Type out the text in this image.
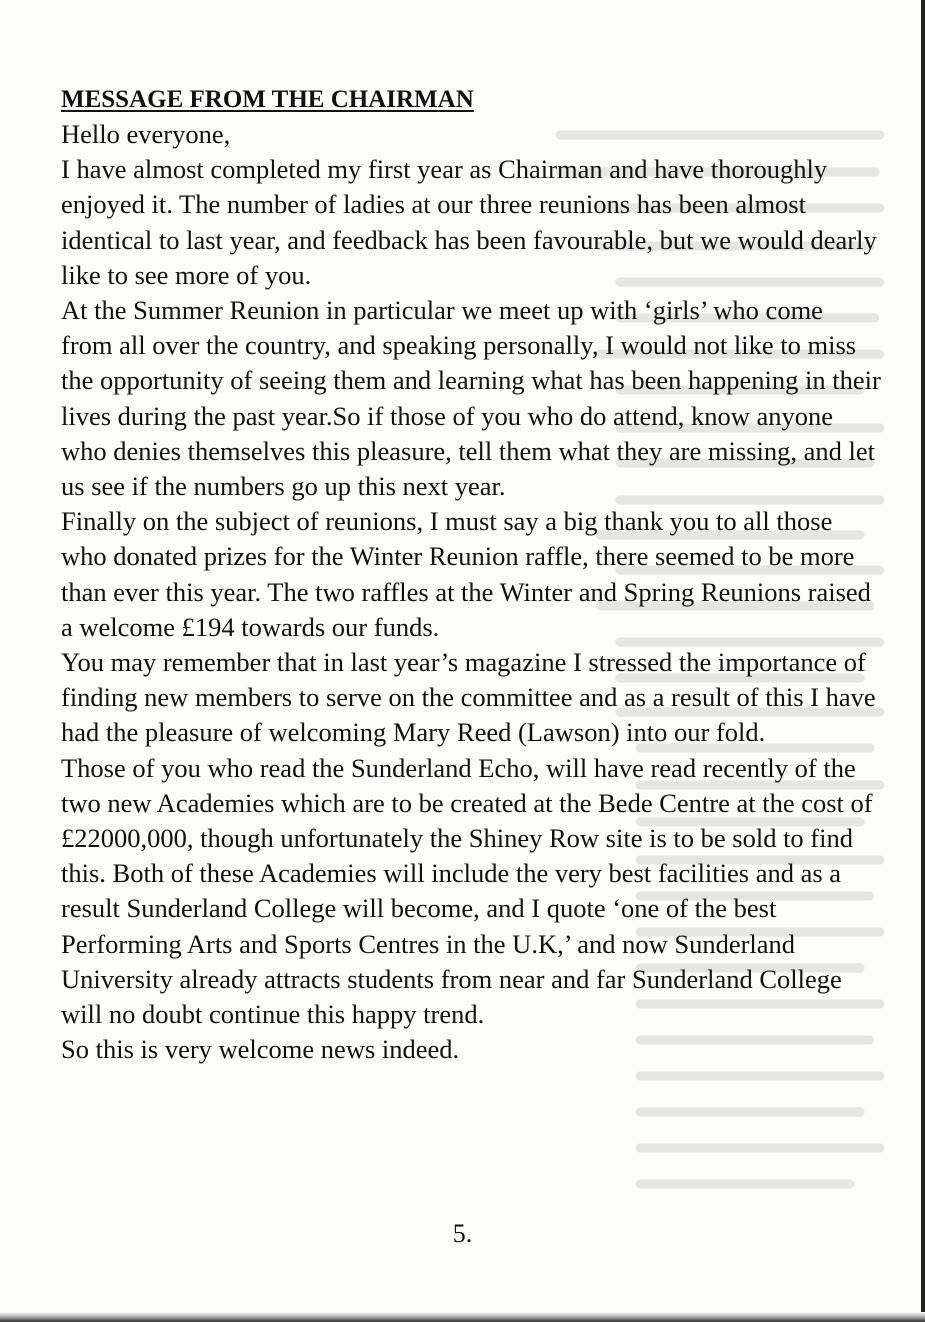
MESSAGE FROM THE CHAIRMAN

Hello everyone,

I have almost completed my first year as Chairman and have thoroughly enjoyed it. The number of ladies at our three reunions has been almost identical to last year, and feedback has been favourable, but we would dearly like to see more of you.

At the Summer Reunion in particular we meet up with ‘girls’ who come from all over the country, and speaking personally, I would not like to miss the opportunity of seeing them and learning what has been happening in their lives during the past year.So if those of you who do attend, know anyone who denies themselves this pleasure, tell them what they are missing, and let us see if the numbers go up this next year.

Finally on the subject of reunions, I must say a big thank you to all those who donated prizes for the Winter Reunion raffle, there seemed to be more than ever this year. The two raffles at the Winter and Spring Reunions raised a welcome £194 towards our funds.

You may remember that in last year’s magazine I stressed the importance of finding new members to serve on the committee and as a result of this I have had the pleasure of welcoming Mary Reed (Lawson) into our fold.

Those of you who read the Sunderland Echo, will have read recently of the two new Academies which are to be created at the Bede Centre at the cost of £22000,000, though unfortunately the Shiney Row site is to be sold to find this. Both of these Academies will include the very best facilities and as a result Sunderland College will become, and I quote ‘one of the best Performing Arts and Sports Centres in the U.K,’ and now Sunderland University already attracts students from near and far Sunderland College will no doubt continue this happy trend.

So this is very welcome news indeed.

5.
